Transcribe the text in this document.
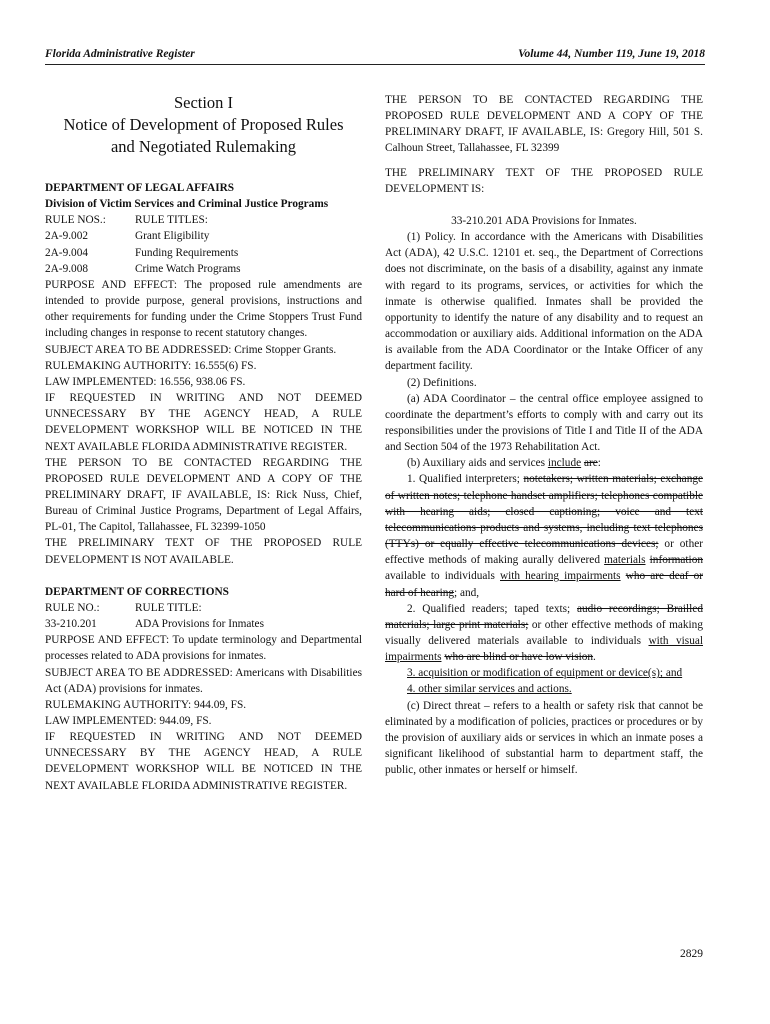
Florida Administrative Register	Volume 44, Number 119, June 19, 2018
Section I
Notice of Development of Proposed Rules
and Negotiated Rulemaking

DEPARTMENT OF LEGAL AFFAIRS

Division of Victim Services and Criminal Justice Programs

RULE NOS.:	RULE TITLES:
2A-9.002	Grant Eligibility
2A-9.004	Funding Requirements
2A-9.008	Crime Watch Programs

PURPOSE AND EFFECT: The proposed rule amendments are intended to provide purpose, general provisions, instructions and other requirements for funding under the Crime Stoppers Trust Fund including changes in response to recent statutory changes.

SUBJECT AREA TO BE ADDRESSED: Crime Stopper Grants.

RULEMAKING AUTHORITY: 16.555(6) FS.

LAW IMPLEMENTED: 16.556, 938.06 FS.

IF REQUESTED IN WRITING AND NOT DEEMED UNNECESSARY BY THE AGENCY HEAD, A RULE DEVELOPMENT WORKSHOP WILL BE NOTICED IN THE NEXT AVAILABLE FLORIDA ADMINISTRATIVE REGISTER.

THE PERSON TO BE CONTACTED REGARDING THE PROPOSED RULE DEVELOPMENT AND A COPY OF THE PRELIMINARY DRAFT, IF AVAILABLE, IS: Rick Nuss, Chief, Bureau of Criminal Justice Programs, Department of Legal Affairs, PL-01, The Capitol, Tallahassee, FL 32399-1050

THE PRELIMINARY TEXT OF THE PROPOSED RULE DEVELOPMENT IS NOT AVAILABLE.

DEPARTMENT OF CORRECTIONS

RULE NO.:	RULE TITLE:
33-210.201	ADA Provisions for Inmates

PURPOSE AND EFFECT: To update terminology and Departmental processes related to ADA provisions for inmates.

SUBJECT AREA TO BE ADDRESSED: Americans with Disabilities Act (ADA) provisions for inmates.

RULEMAKING AUTHORITY: 944.09, FS.

LAW IMPLEMENTED: 944.09, FS.

IF REQUESTED IN WRITING AND NOT DEEMED UNNECESSARY BY THE AGENCY HEAD, A RULE DEVELOPMENT WORKSHOP WILL BE NOTICED IN THE NEXT AVAILABLE FLORIDA ADMINISTRATIVE REGISTER.

THE PERSON TO BE CONTACTED REGARDING THE PROPOSED RULE DEVELOPMENT AND A COPY OF THE PRELIMINARY DRAFT, IF AVAILABLE, IS: Gregory Hill, 501 S. Calhoun Street, Tallahassee, FL 32399

THE PRELIMINARY TEXT OF THE PROPOSED RULE DEVELOPMENT IS:

33-210.201 ADA Provisions for Inmates.

(1) Policy. In accordance with the Americans with Disabilities Act (ADA), 42 U.S.C. 12101 et. seq., the Department of Corrections does not discriminate, on the basis of a disability, against any inmate with regard to its programs, services, or activities for which the inmate is otherwise qualified. Inmates shall be provided the opportunity to identify the nature of any disability and to request an accommodation or auxiliary aids. Additional information on the ADA is available from the ADA Coordinator or the Intake Officer of any department facility.

(2) Definitions.

(a) ADA Coordinator – the central office employee assigned to coordinate the department’s efforts to comply with and carry out its responsibilities under the provisions of Title I and Title II of the ADA and Section 504 of the 1973 Rehabilitation Act.

(b) Auxiliary aids and services include are:

1. Qualified interpreters; notetakers; written materials; exchange of written notes; telephone handset amplifiers; telephones compatible with hearing aids; closed captioning; voice and text telecommunications products and systems, including text telephones (TTYs) or equally effective telecommunications devices; or other effective methods of making aurally delivered materials information available to individuals with hearing impairments who are deaf or hard of hearing; and,

2. Qualified readers; taped texts; audio recordings; Brailled materials; large print materials; or other effective methods of making visually delivered materials available to individuals with visual impairments who are blind or have low vision.

3. acquisition or modification of equipment or device(s); and

4. other similar services and actions.

(c) Direct threat – refers to a health or safety risk that cannot be eliminated by a modification of policies, practices or procedures or by the provision of auxiliary aids or services in which an inmate poses a significant likelihood of substantial harm to department staff, the public, other inmates or herself or himself.

2829
